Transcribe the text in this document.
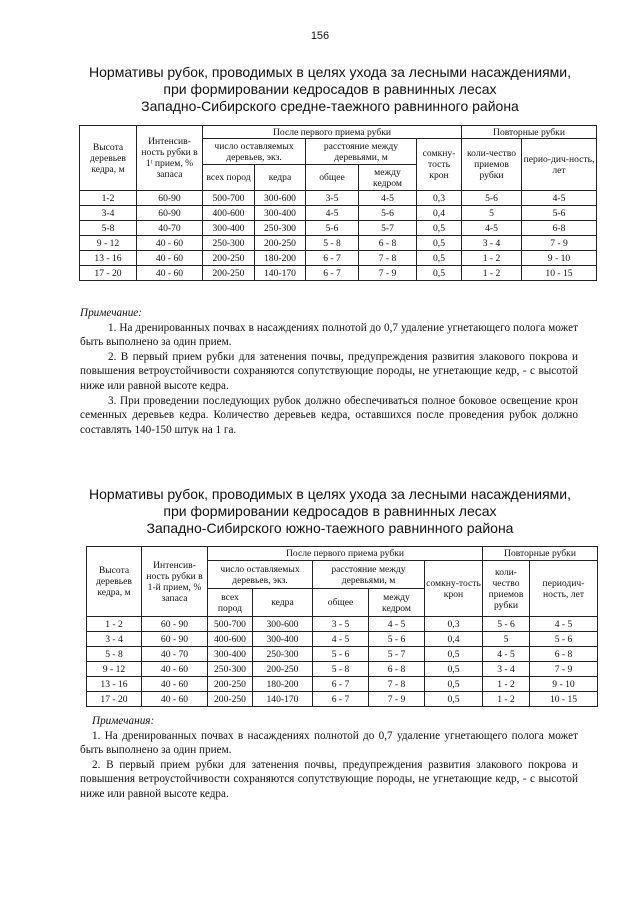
156
Нормативы рубок, проводимых в целях ухода за лесными насаждениями,
при формировании кедросадов в равнинных лесах
Западно-Сибирского средне-таежного равнинного района
Высота деревьев кедра, м	Интенсив-ность рубки в 1ᵗ прием, % запаса	После первого приема рубки					Повторные рубки	
		число оставляемых деревьев, экз.		расстояние между деревьями, м		сомкну-тость крон	коли-чество приемов рубки	перио-дич-ность, лет
		всех пород	кедра	общее	между кедром			
1-2	60-90	500-700	300-600	3-5	4-5	0,3	5-6	4-5
3-4	60-90	400-600	300-400	4-5	5-6	0,4	5	5-6
5-8	40-70	300-400	250-300	5-6	5-7	0,5	4-5	6-8
9 - 12	40 - 60	250-300	200-250	5 - 8	6 - 8	0,5	3 - 4	7 - 9
13 - 16	40 - 60	200-250	180-200	6 - 7	7 - 8	0,5	1 - 2	9 - 10
17 - 20	40 - 60	200-250	140-170	6 - 7	7 - 9	0,5	1 - 2	10 - 15
Примечание:

1. На дренированных почвах в насаждениях полнотой до 0,7 удаление угнетающего полога может быть выполнено за один прием.

2. В первый прием рубки для затенения почвы, предупреждения развития злакового покрова и повышения ветроустойчивости сохраняются сопутствующие породы, не угнетающие кедр, - с высотой ниже или равной высоте кедра.

3. При проведении последующих рубок должно обеспечиваться полное боковое освещение крон семенных деревьев кедра. Количество деревьев кедра, оставшихся после проведения рубок должно составлять 140-150 штук на 1 га.

Нормативы рубок, проводимых в целях ухода за лесными насаждениями,
при формировании кедросадов в равнинных лесах
Западно-Сибирского южно-таежного равнинного района
Высота деревьев кедра, м	Интенсив-ность рубки в 1-й прием, % запаса	После первого приема рубки					Повторные рубки	
		число оставляемых деревьев, экз.		расстояние между деревьями, м		сомкну-тость крон	коли-чество приемов рубки	периодич-ность, лет
		всех пород	кедра	общее	между кедром			
1 - 2	60 - 90	500-700	300-600	3 - 5	4 - 5	0,3	5 - 6	4 - 5
3 - 4	60 - 90	400-600	300-400	4 - 5	5 - 6	0,4	5	5 - 6
5 - 8	40 - 70	300-400	250-300	5 - 6	5 - 7	0,5	4 - 5	6 - 8
9 - 12	40 - 60	250-300	200-250	5 - 8	6 - 8	0,5	3 - 4	7 - 9
13 - 16	40 - 60	200-250	180-200	6 - 7	7 - 8	0,5	1 - 2	9 - 10
17 - 20	40 - 60	200-250	140-170	6 - 7	7 - 9	0,5	1 - 2	10 - 15
Примечания:

1. На дренированных почвах в насаждениях полнотой до 0,7 удаление угнетающего полога может быть выполнено за один прием.

2. В первый прием рубки для затенения почвы, предупреждения развития злакового покрова и повышения ветроустойчивости сохраняются сопутствующие породы, не угнетающие кедр, - с высотой ниже или равной высоте кедра.
